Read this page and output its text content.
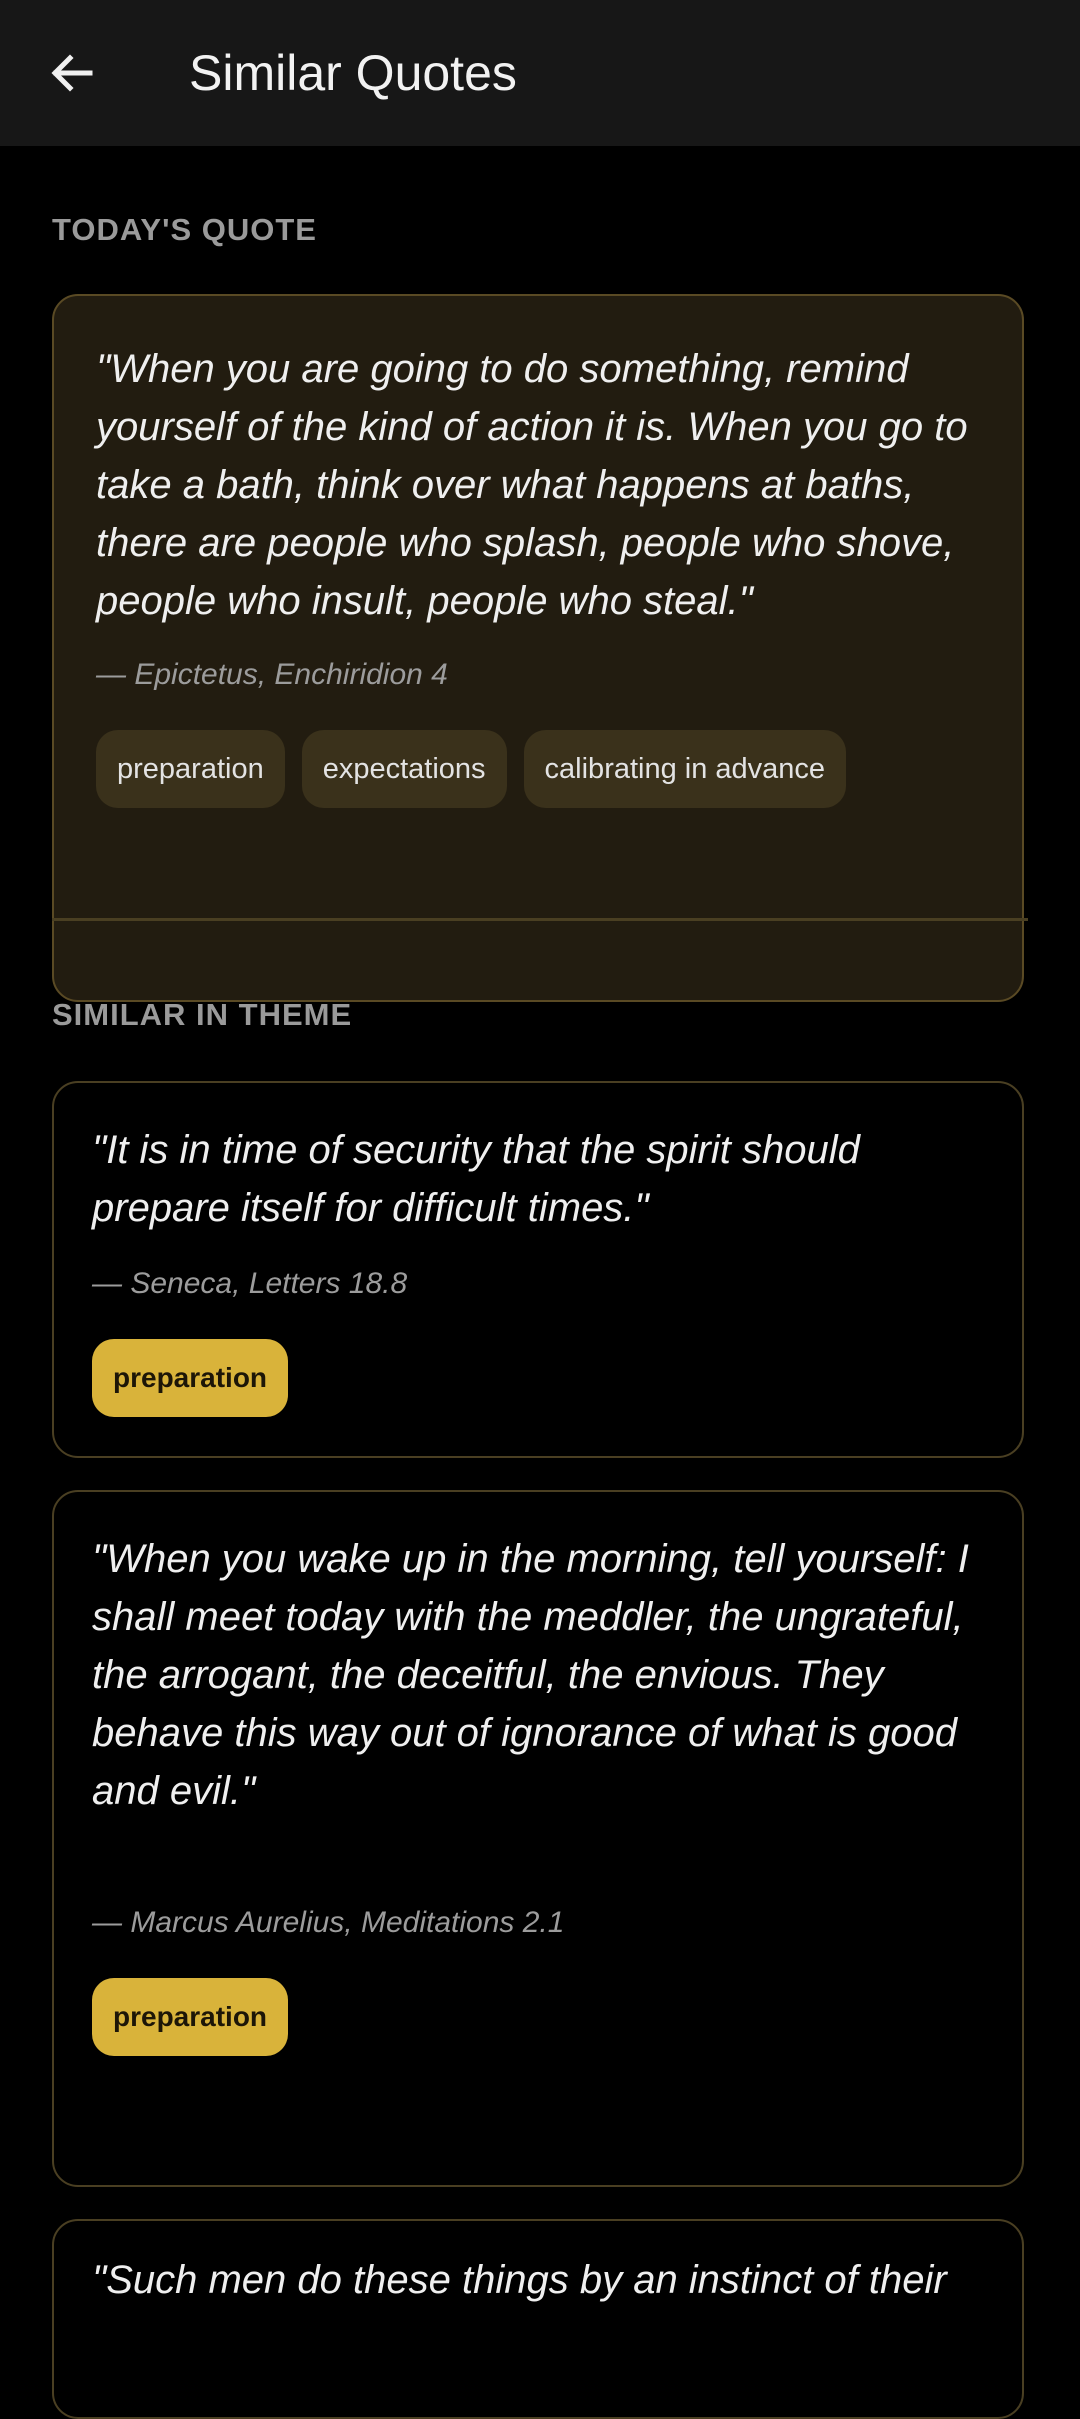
Similar Quotes
TODAY'S QUOTE
"When you are going to do something, remind yourself of the kind of action it is. When you go to take a bath, think over what happens at baths, there are people who splash, people who shove, people who insult, people who steal."
— Epictetus, Enchiridion 4
preparation	expectations	calibrating in advance
SIMILAR IN THEME
"It is in time of security that the spirit should prepare itself for difficult times."
— Seneca, Letters 18.8
preparation
"When you wake up in the morning, tell yourself: I shall meet today with the meddler, the ungrateful, the arrogant, the deceitful, the envious. They behave this way out of ignorance of what is good and evil."
— Marcus Aurelius, Meditations 2.1
preparation
"Such men do these things by an instinct of their
